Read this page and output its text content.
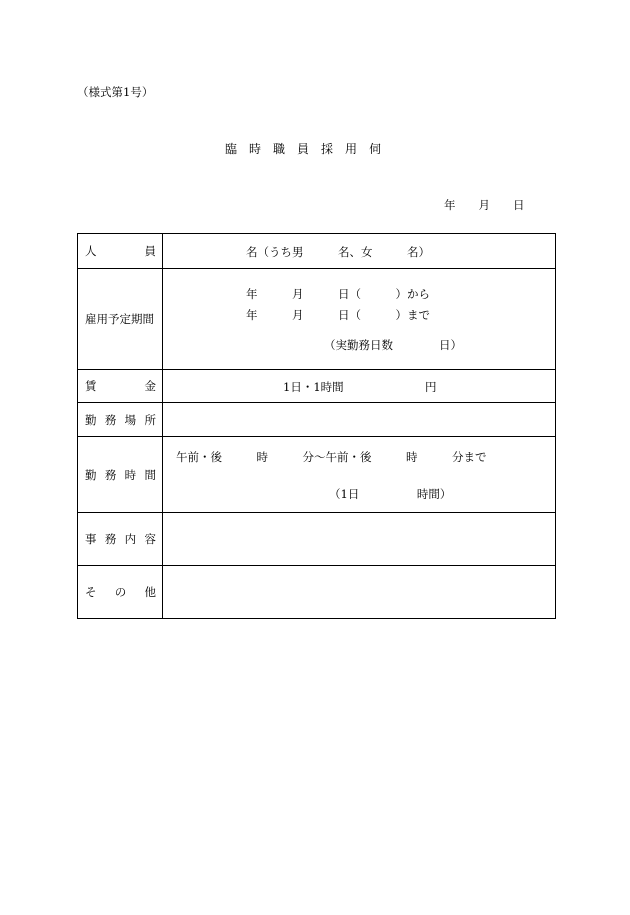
（様式第1号）
臨　時　職　員　採　用　伺
年　　月　　日
人 員	名（うち男　　　名、女　　　名）

雇用予定期間	年　　　月　　　日（　　　）から
年　　　月　　　日（　　　）まで
（実勤務日数　　　　日）

賃 金	1日・1時間 円

勤 務 場 所	

勤 務 時 間	午前・後　　　時　　　分～午前・後　　　時　　　分まで
（1日　　　　　時間）

事 務 内 容	

そ の 他	
